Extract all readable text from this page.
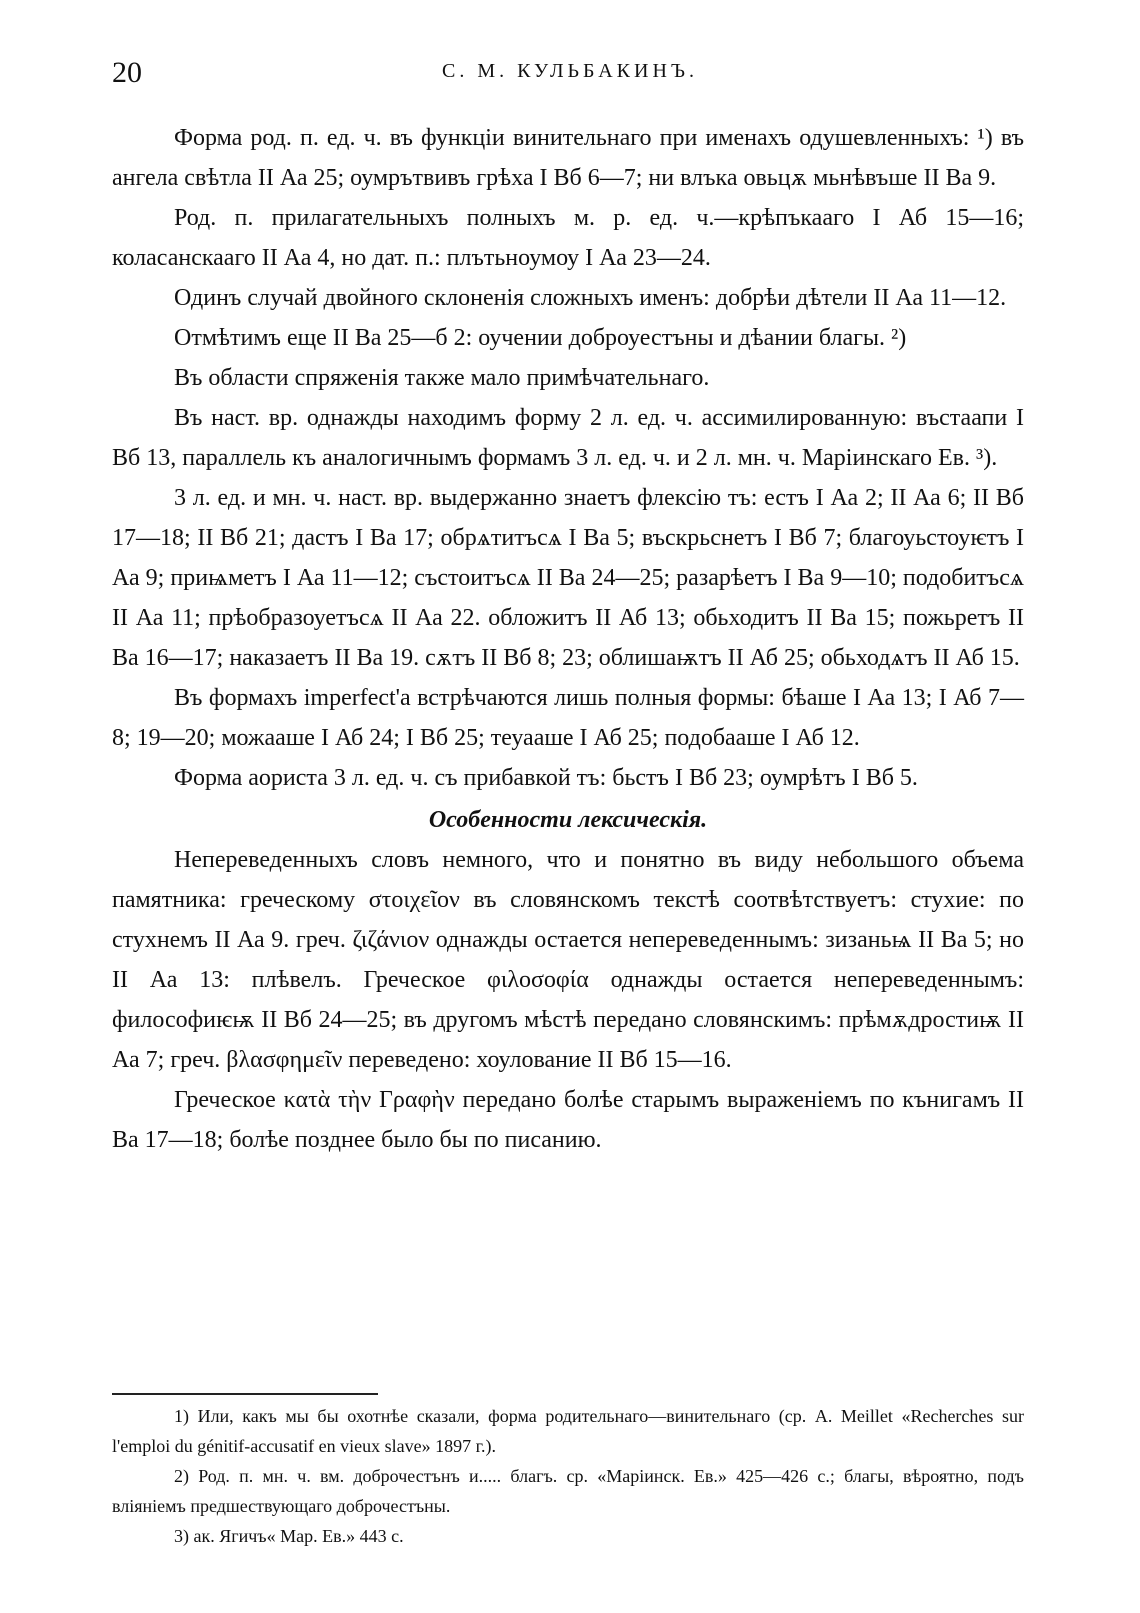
20	С. М. КУЛЬБАКИНЪ.

Форма род. п. ед. ч. въ функціи винительнаго при именахъ одушевленныхъ: ¹) въ ангела свѣтла II Аа 25; оумрътвивъ грѣха I Вб 6—7; ни влъка овьцѫ мьнѣвъше II Ва 9.

Род. п. прилагательныхъ полныхъ м. р. ед. ч.—крѣпъкааго I Аб 15—16; коласанскааго II Аа 4, но дат. п.: плътьноумоу I Аа 23—24.

Одинъ случай двойного склоненія сложныхъ именъ: добрѣи дѣтели II Аа 11—12.

Отмѣтимъ еще II Ва 25—б 2: оучении доброуестъны и дѣании благы. ²)

Въ области спряженія также мало примѣчательнаго.

Въ наст. вр. однажды находимъ форму 2 л. ед. ч. ассимилированную: въстаапи I Вб 13, параллель къ аналогичнымъ формамъ 3 л. ед. ч. и 2 л. мн. ч. Маріинскаго Ев. ³).

3 л. ед. и мн. ч. наст. вр. выдержанно знаетъ флексію тъ: естъ I Аа 2; II Аа 6; II Вб 17—18; II Вб 21; дастъ I Ва 17; обрѧтитъсѧ I Ва 5; въскрьснетъ I Вб 7; благоуьстоуѥтъ I Аа 9; приѩметъ I Аа 11—12; състоитъсѧ II Ва 24—25; разарѣетъ I Ва 9—10; подобитъсѧ II Аа 11; прѣобразоуетъсѧ II Аа 22. обложитъ II Аб 13; обьходитъ II Ва 15; пожьретъ II Ва 16—17; наказаетъ II Ва 19. сѫтъ II Вб 8; 23; облишаѭтъ II Аб 25; обьходѧтъ II Аб 15.

Въ формахъ imperfect'а встрѣчаются лишь полныя формы: бѣаше I Аа 13; I Аб 7—8; 19—20; можааше I Аб 24; I Вб 25; теуааше I Аб 25; подобааше I Аб 12.

Форма аориста 3 л. ед. ч. съ прибавкой тъ: бьстъ I Вб 23; оумрѣтъ I Вб 5.

Особенности лексическія.

Непереведенныхъ словъ немного, что и понятно въ виду небольшого объема памятника: греческому στοιχεῖον въ словянскомъ текстѣ соотвѣтствуетъ: стухие: по стухнемъ II Аа 9. греч. ζιζάνιον однажды остается непереведеннымъ: зизаньѩ II Ва 5; но II Аа 13: плѣвелъ. Греческое φιλοσοφία однажды остается непереведеннымъ: философиѥѭ II Вб 24—25; въ другомъ мѣстѣ передано словянскимъ: прѣмѫдростиѭ II Аа 7; греч. βλασφημεῖν переведено: хоулование II Вб 15—16.

Греческое κατὰ τὴν Γραφὴν передано болѣе старымъ выраженіемъ по кънигамъ II Ва 17—18; болѣе позднее было бы по писанию.

1) Или, какъ мы бы охотнѣе сказали, форма родительнаго—винительнаго (ср. A. Meillet «Recherches sur l'emploi du génitif-accusatif en vieux slave» 1897 г.).

2) Род. п. мн. ч. вм. доброчестънъ и..... благъ. ср. «Маріинск. Ев.» 425—426 с.; благы, вѣроятно, подъ вліяніемъ предшествующаго доброчестъны.

3) ак. Ягичъ« Мар. Ев.» 443 с.
